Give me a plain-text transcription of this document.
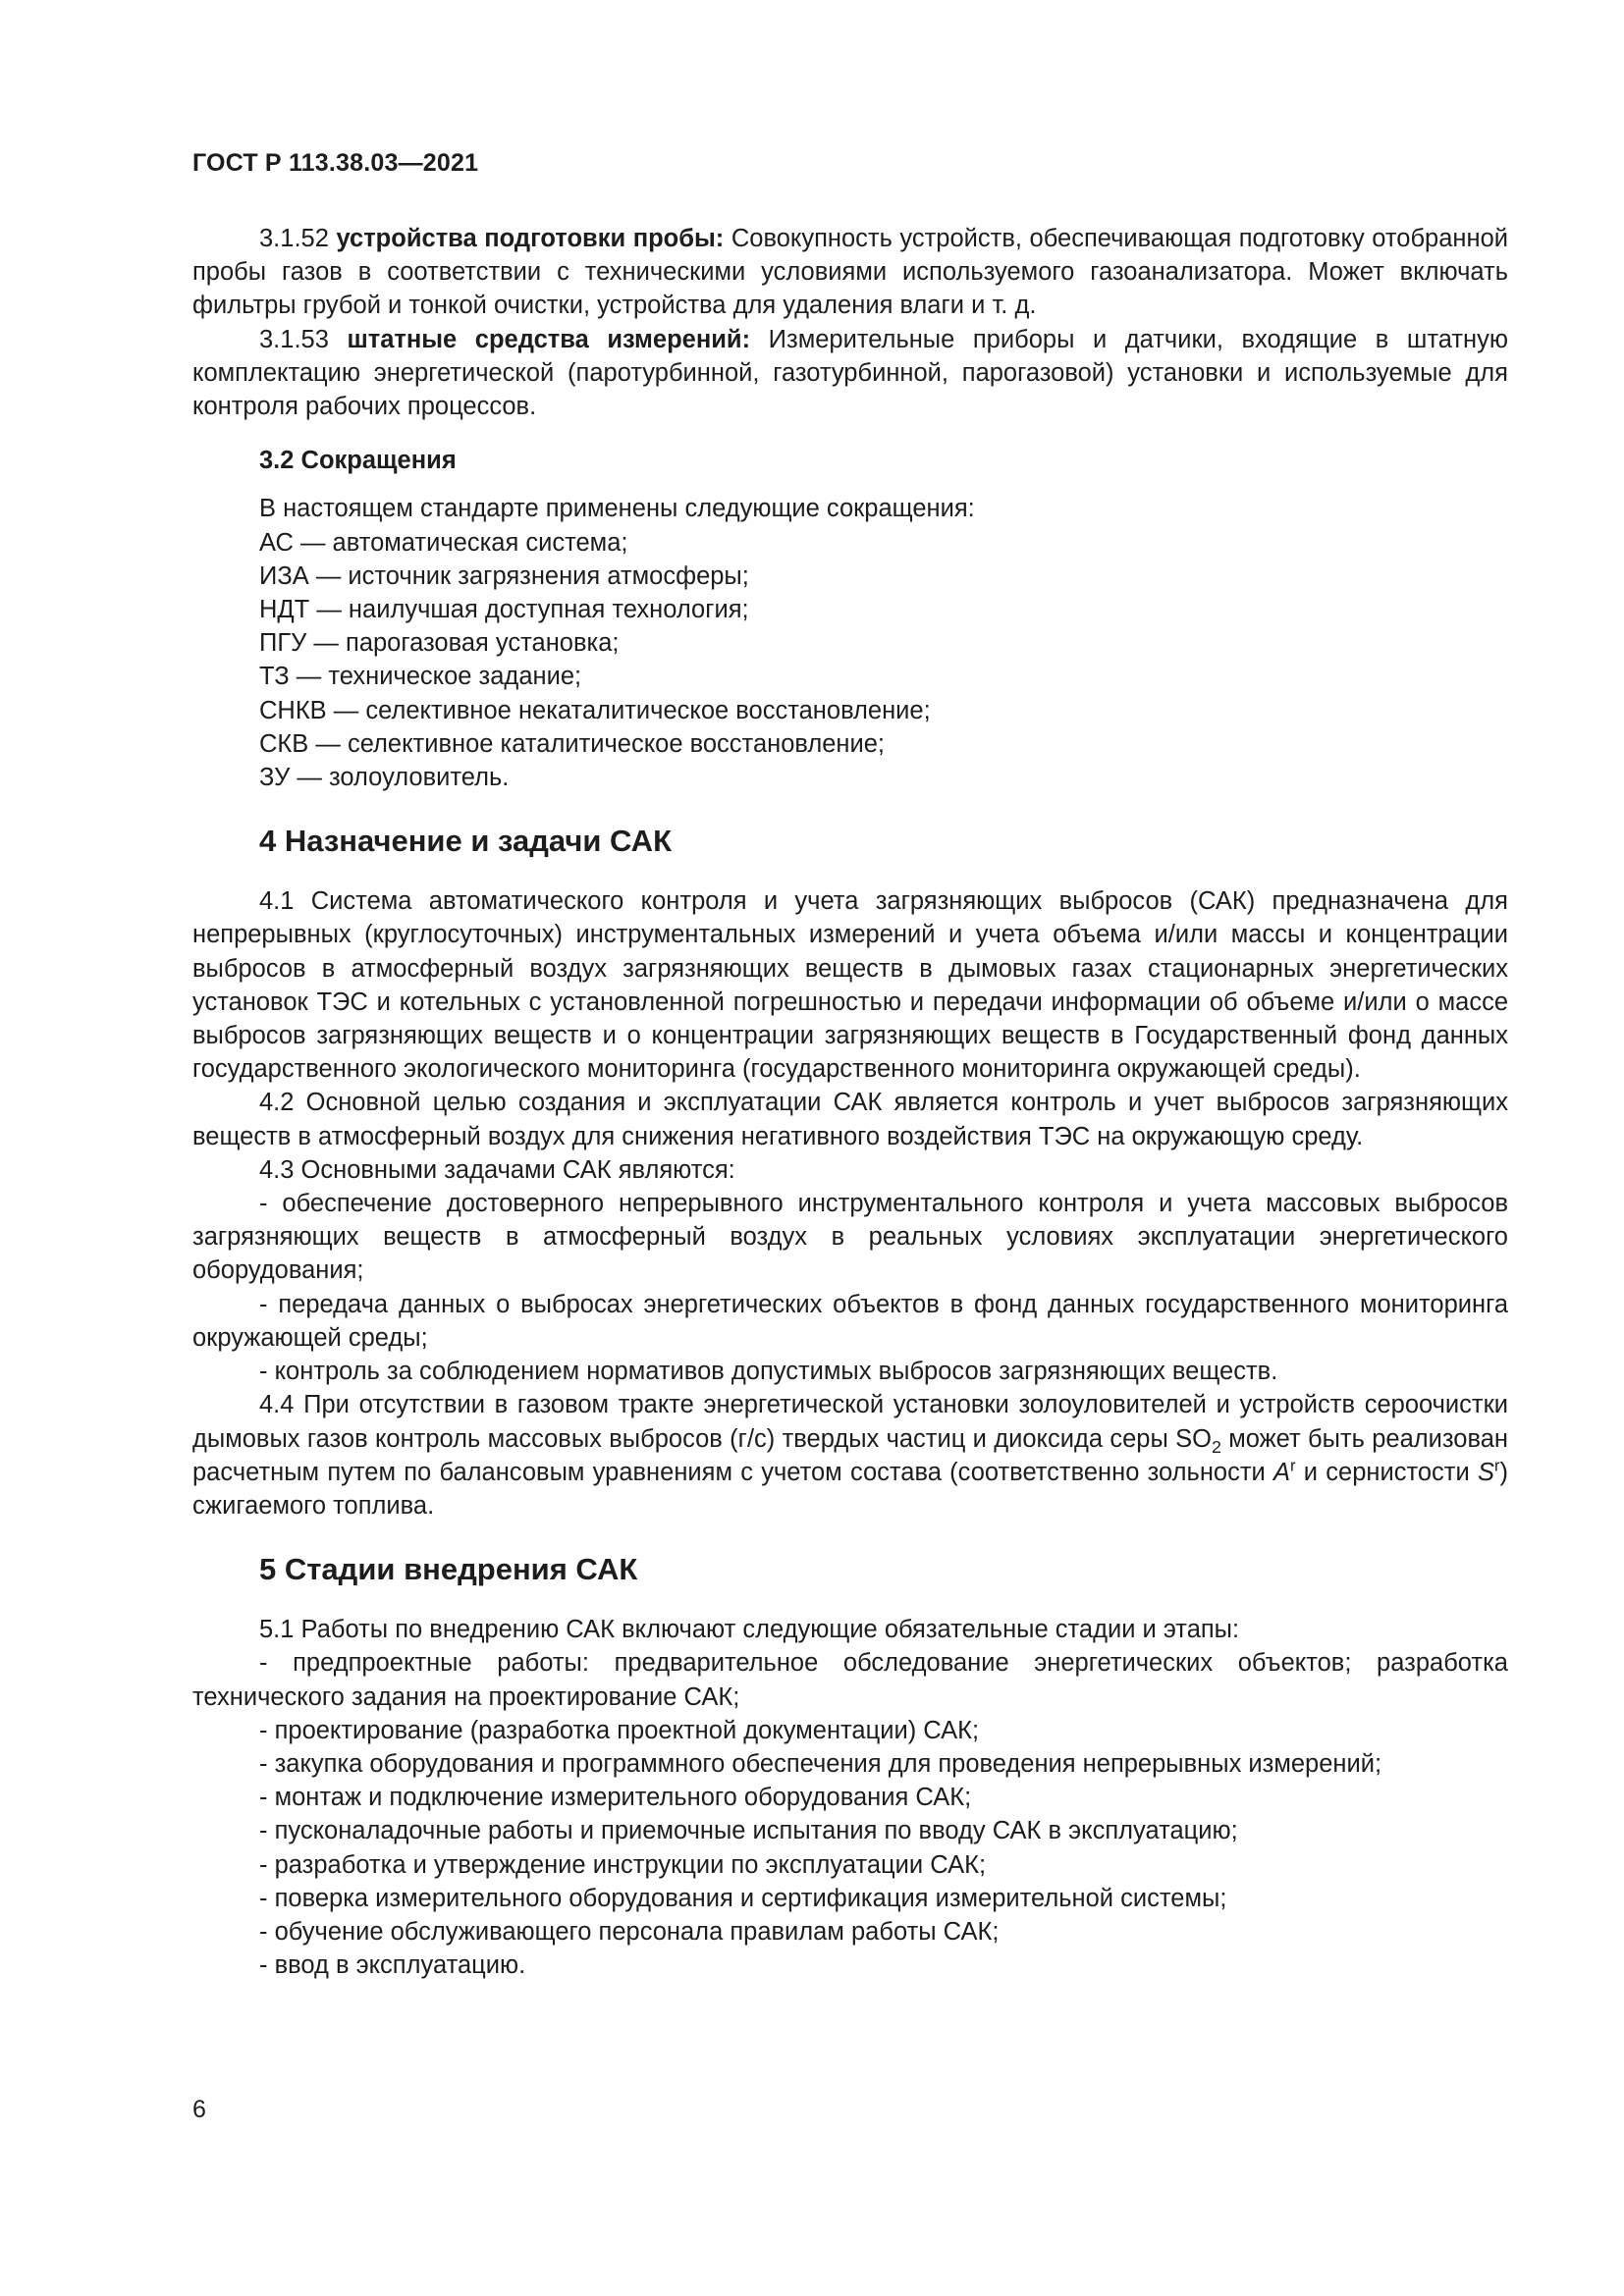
ГОСТ Р 113.38.03—2021

3.1.52 устройства подготовки пробы: Совокупность устройств, обеспечивающая подготовку отобранной пробы газов в соответствии с техническими условиями используемого газоанализатора. Может включать фильтры грубой и тонкой очистки, устройства для удаления влаги и т. д.

3.1.53 штатные средства измерений: Измерительные приборы и датчики, входящие в штатную комплектацию энергетической (паротурбинной, газотурбинной, парогазовой) установки и используемые для контроля рабочих процессов.

3.2 Сокращения

В настоящем стандарте применены следующие сокращения:

АС — автоматическая система;

ИЗА — источник загрязнения атмосферы;

НДТ — наилучшая доступная технология;

ПГУ — парогазовая установка;

ТЗ — техническое задание;

СНКВ — селективное некаталитическое восстановление;

СКВ — селективное каталитическое восстановление;

ЗУ — золоуловитель.

4 Назначение и задачи САК

4.1 Система автоматического контроля и учета загрязняющих выбросов (САК) предназначена для непрерывных (круглосуточных) инструментальных измерений и учета объема и/или массы и концентрации выбросов в атмосферный воздух загрязняющих веществ в дымовых газах стационарных энергетических установок ТЭС и котельных с установленной погрешностью и передачи информации об объеме и/или о массе выбросов загрязняющих веществ и о концентрации загрязняющих веществ в Государственный фонд данных государственного экологического мониторинга (государственного мониторинга окружающей среды).

4.2 Основной целью создания и эксплуатации САК является контроль и учет выбросов загрязняющих веществ в атмосферный воздух для снижения негативного воздействия ТЭС на окружающую среду.

4.3 Основными задачами САК являются:

- обеспечение достоверного непрерывного инструментального контроля и учета массовых выбросов загрязняющих веществ в атмосферный воздух в реальных условиях эксплуатации энергетического оборудования;

- передача данных о выбросах энергетических объектов в фонд данных государственного мониторинга окружающей среды;

- контроль за соблюдением нормативов допустимых выбросов загрязняющих веществ.

4.4 При отсутствии в газовом тракте энергетической установки золоуловителей и устройств сероочистки дымовых газов контроль массовых выбросов (г/с) твердых частиц и диоксида серы $SO_2$ может быть реализован расчетным путем по балансовым уравнениям с учетом состава (соответственно зольности $A^r$ и сернистости $S^r$) сжигаемого топлива.

5 Стадии внедрения САК

5.1 Работы по внедрению САК включают следующие обязательные стадии и этапы:

- предпроектные работы: предварительное обследование энергетических объектов; разработка технического задания на проектирование САК;

- проектирование (разработка проектной документации) САК;

- закупка оборудования и программного обеспечения для проведения непрерывных измерений;

- монтаж и подключение измерительного оборудования САК;

- пусконаладочные работы и приемочные испытания по вводу САК в эксплуатацию;

- разработка и утверждение инструкции по эксплуатации САК;

- поверка измерительного оборудования и сертификация измерительной системы;

- обучение обслуживающего персонала правилам работы САК;

- ввод в эксплуатацию.

6
